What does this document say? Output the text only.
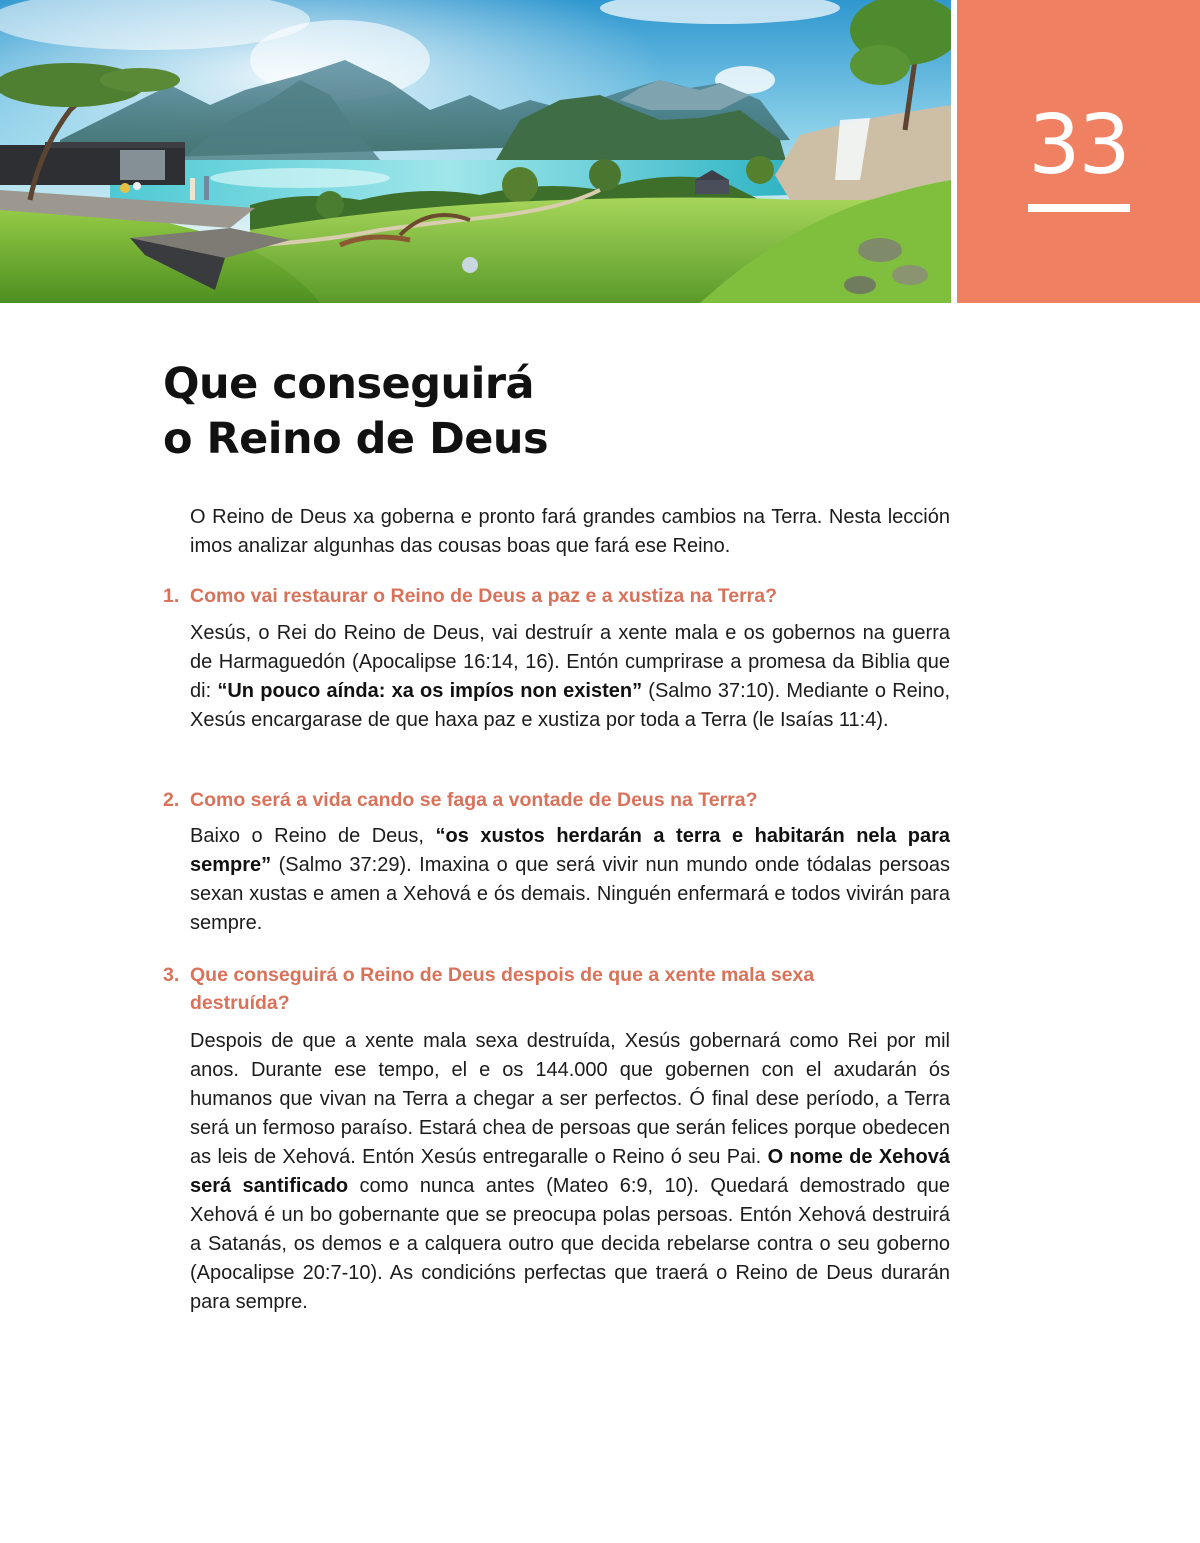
33
Que conseguirá
o Reino de Deus

O Reino de Deus xa goberna e pronto fará grandes cambios na Terra. Nesta lección imos analizar algunhas das cousas boas que fará ese Reino.

1. Como vai restaurar o Reino de Deus a paz e a xustiza na Terra?

Xesús, o Rei do Reino de Deus, vai destruír a xente mala e os gobernos na guerra de Harmaguedón (Apocalipse 16:14, 16). Entón cumprirase a promesa da Biblia que di: “Un pouco aínda: xa os impíos non existen” (Salmo 37:10). Mediante o Reino, Xesús encargarase de que haxa paz e xustiza por toda a Terra (le Isaías 11:4).

2. Como será a vida cando se faga a vontade de Deus na Terra?

Baixo o Reino de Deus, “os xustos herdarán a terra e habitarán nela para sempre” (Salmo 37:29). Imaxina o que será vivir nun mundo onde tódalas persoas sexan xustas e amen a Xehová e ós demais. Ninguén enfermará e todos vivirán para sempre.

3. Que conseguirá o Reino de Deus despois de que a xente mala sexa
destruída?

Despois de que a xente mala sexa destruída, Xesús gobernará como Rei por mil anos. Durante ese tempo, el e os 144.000 que gobernen con el axudarán ós humanos que vivan na Terra a chegar a ser perfectos. Ó final dese período, a Terra será un fermoso paraíso. Estará chea de persoas que serán felices porque obedecen as leis de Xehová. Entón Xesús entregaralle o Reino ó seu Pai. O nome de Xehová será santificado como nunca antes (Mateo 6:9, 10). Quedará demostrado que Xehová é un bo gobernante que se preocupa polas persoas. Entón Xehová destruirá a Satanás, os demos e a calquera outro que decida rebelarse contra o seu goberno (Apocalipse 20:7-10). As condicións perfectas que traerá o Reino de Deus durarán para sempre.
